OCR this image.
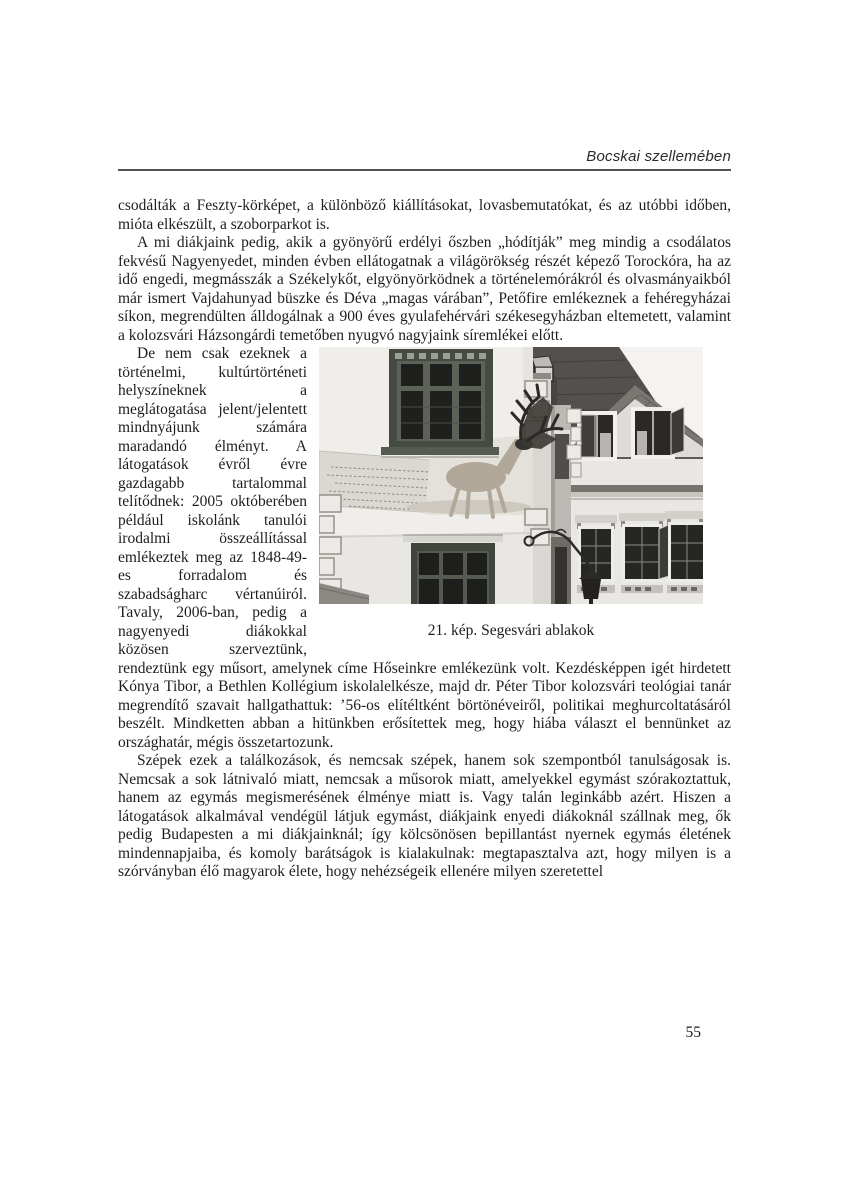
Bocskai szellemében

csodálták a Feszty-körképet, a különböző kiállításokat, lovasbemutatókat, és az utóbbi időben, mióta elkészült, a szoborparkot is.

A mi diákjaink pedig, akik a gyönyörű erdélyi őszben „hódítják” meg mindig a csodálatos fekvésű Nagyenyedet, minden évben ellátogatnak a világörökség részét képező Torockóra, ha az idő engedi, megmásszák a Székelykőt, elgyönyörködnek a történelemórákról és olvasmányaikból már ismert Vajdahunyad büszke és Déva „magas várában”, Petőfire emlékeznek a fehéregyházai síkon, megrendülten álldogálnak a 900 éves gyulafehérvári székesegyházban eltemetett, valamint a kolozsvári Házsongárdi temetőben nyugvó nagyjaink síremlékei előtt.

21. kép. Segesvári ablakok

De nem csak ezeknek a történelmi, kultúrtörténeti helyszíneknek a meglátogatása jelent/jelentett mindnyájunk számára maradandó élményt. A látogatások évről évre gazdagabb tartalommal telítődnek: 2005 októberében például iskolánk tanulói irodalmi összeállítással emlékeztek meg az 1848-49-es forradalom és szabadságharc vértanúiról. Tavaly, 2006-ban, pedig a nagyenyedi diákokkal közösen szerveztünk, rendeztünk egy műsort, amelynek címe Hőseinkre emlékezünk volt. Kezdésképpen igét hirdetett Kónya Tibor, a Bethlen Kollégium iskolalelkésze, majd dr. Péter Tibor kolozsvári teológiai tanár megrendítő szavait hallgathattuk: ’56-os elítéltként börtönéveiről, politikai meghurcoltatásáról beszélt. Mindketten abban a hitünkben erősítettek meg, hogy hiába választ el bennünket az országhatár, mégis összetartozunk.

Szépek ezek a találkozások, és nemcsak szépek, hanem sok szempontból tanulságosak is. Nemcsak a sok látnivaló miatt, nemcsak a műsorok miatt, amelyekkel egymást szórakoztattuk, hanem az egymás megismerésének élménye miatt is. Vagy talán leginkább azért. Hiszen a látogatások alkalmával vendégül látjuk egymást, diákjaink enyedi diákoknál szállnak meg, ők pedig Budapesten a mi diákjainknál; így kölcsönösen bepillantást nyernek egymás életének mindennapjaiba, és komoly barátságok is kialakulnak: megtapasztalva azt, hogy milyen is a szórványban élő magyarok élete, hogy nehézségeik ellenére milyen szeretettel

55
